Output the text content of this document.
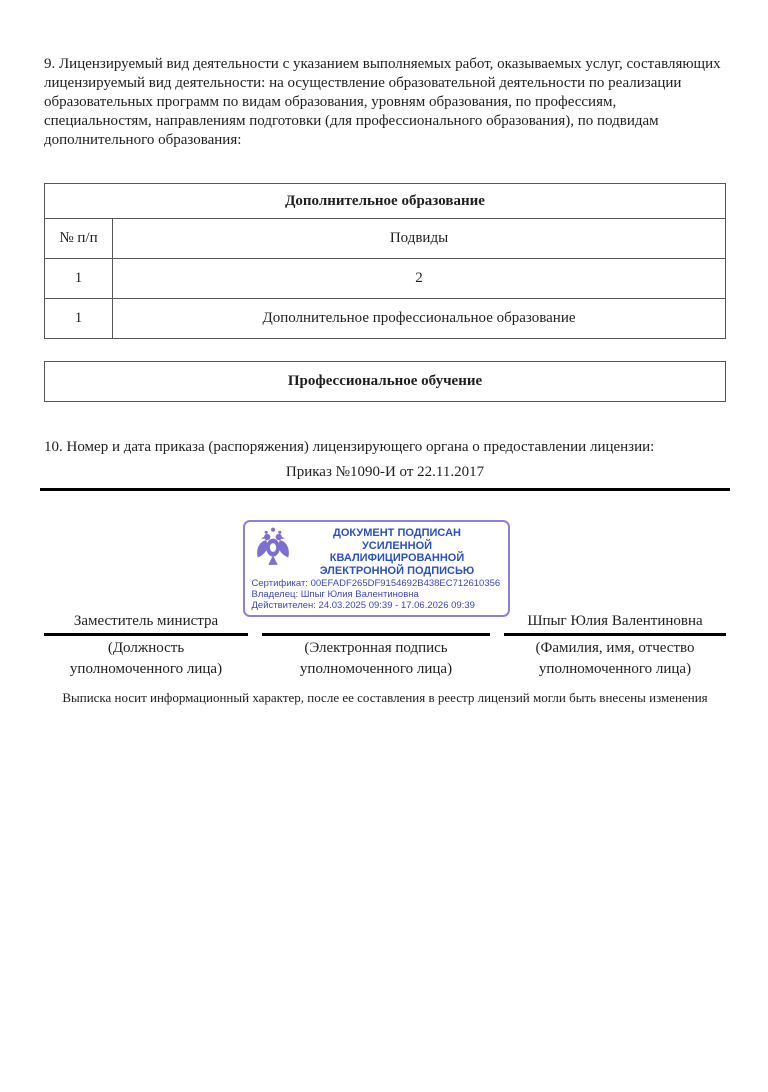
9. Лицензируемый вид деятельности с указанием выполняемых работ, оказываемых услуг, составляющих лицензируемый вид деятельности: на осуществление образовательной деятельности по реализации образовательных программ по видам образования, уровням образования, по профессиям, специальностям, направлениям подготовки (для профессионального образования), по подвидам дополнительного образования:

Дополнительное образование	
№ п/п	Подвиды
1	2
1	Дополнительное профессиональное образование
Профессиональное обучение

10. Номер и дата приказа (распоряжения) лицензирующего органа о предоставлении лицензии:

Приказ №1090-И от 22.11.2017
Заместитель министра
(Должность
уполномоченного лица)
ДОКУМЕНТ ПОДПИСАН
УСИЛЕННОЙ КВАЛИФИЦИРОВАННОЙ
ЭЛЕКТРОННОЙ ПОДПИСЬЮ
Сертификат: 00EFADF265DF9154692B438EC712610356
Владелец: Шпыг Юлия Валентиновна
Действителен: 24.03.2025 09:39 - 17.06.2026 09:39
(Электронная подпись
уполномоченного лица)
Шпыг Юлия Валентиновна
(Фамилия, имя, отчество
уполномоченного лица)

Выписка носит информационный характер, после ее составления в реестр лицензий могли быть внесены изменения
